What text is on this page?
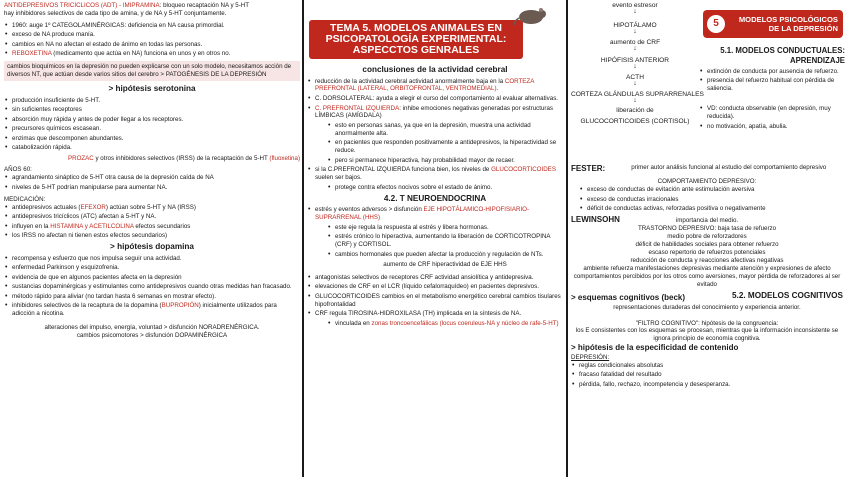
ANTIDEPRESIVOS TRICÍCLICOS (ADT) - IMIPRAMINA: bloqueo recaptación NA y 5-HT
hay inhibidores selectivos de cada tipo de amina, y de NA y 5-HT conjuntamente.
• 1960: auge 1º CATEGOLAMINÉRGICAS: deficiencia en NA causa primordial.
• exceso de NA produce manía.
• cambios en NA no afectan el estado de ánimo en todas las personas.
• REBOXETINA (medicamento que actúa en NA) funciona en unos y en otros no.
cambios bioquímicos en la depresión no pueden explicarse con un solo modelo, necesitamos acción de diversos NT, que actúan desde varios sitios del cerebro > PATOGÉNESIS DE LA DEPRESIÓN
> hipótesis serotonina
• producción insuficiente de 5-HT.
• sin suficientes receptores
• absorción muy rápida y antes de poder llegar a los receptores.
• precursores químicos escasean.
• enzimas que descomponen abundantes.
• catabolización rápida.
PROZAC y otros inhibidores selectivos (IRSS) de la recaptación de 5-HT (fluoxetina)
AÑOS 60:
• agrandamiento sináptico de 5-HT otra causa de la depresión caída de NA
• niveles de 5-HT podrían manipularse para aumentar NA.
MEDICACIÓN:
• antidepresivos actuales (EFEXOR) actúan sobre 5-HT y NA (IRSS)
• antidepresivos tricíclicos (ATC) afectan a 5-HT y NA.
• influyen en la HISTAMINA y ACETILCOLINA efectos secundarios
• los IRSS no afectan ni tienen estos efectos secundarios)
> hipótesis dopamina
• recompensa y esfuerzo que nos impulsa seguir una actividad.
• enfermedad Parkinson y esquizofrenia.
• evidencia de que en algunos pacientes afecta en la depresión
• sustancias dopaminérgicas y estimulantes como antidepresivos cuando otras medidas han fracasado.
• método rápido para aliviar (no tardan hasta 6 semanas en mostrar efecto).
• inhibidores selectivos de la recaptura de la dopamina (BUPROPIÓN) inicialmente utilizados para adicción a nicotina.
alteraciones del impulso, energía, voluntad > disfunción NORADRENÉRGICA.
cambios psicomotores > disfunción DOPAMINÉRGICA
TEMA 5. MODELOS ANIMALES EN PSICOPATOLOGÍA EXPERIMENTAL: ASPECCTOS GENRALES
conclusiones de la actividad cerebral
• reducción de la actividad cerebral actividad anormalmente baja en la CORTEZA PREFRONTAL (LATERAL, ORBITOFRONTAL, VENTROMEDIAL).
• C. DORSOLATERAL: ayuda a elegir el curso del comportamiento al evaluar alternativas.
• C. PREFRONTAL IZQUIERDA: inhibe emociones negativas generadas por estructuras LÍMBICAS (AMÍGDALA)
• esto en personas sanas, ya que en la depresión, muestra una actividad anormalmente alta.
• en pacientes que responden positivamente a antidepresivos, la hiperactividad se reduce.
• pero si permanece hiperactiva, hay probabilidad mayor de recaer.
• si la C.PREFRONTAL IZQUIERDA funciona bien, los niveles de GLUCOCORTICOIDES suelen ser bajos.
• protege contra efectos nocivos sobre el estado de ánimo.
4.2. T NEUROENDOCRINA
• estrés y eventos adversos > disfunción EJE HIPOTÁLAMICO-HIPOFISIARIO-SUPRARRENAL (HHS)
• este eje regula la respuesta al estrés y libera hormonas.
• estrés crónico lo hiperactiva, aumentando la liberación de CORTICOTROPINA (CRF) y CORTISOL.
• cambios hormonales que pueden afectar la producción y regulación de NTs.
aumento de CRF hiperactividad de EJE HHS
• antagonistas selectivos de receptores CRF actividad ansiolítica y antidepresiva.
• elevaciones de CRF en el LCR (líquido cefalorraquídeo) en pacientes depresivos.
• GLUCOCORTICOIDES cambios en el metabolismo energético cerebral cambios tisulares hipofrontalidad
• CRF regula TIROSINA-HIDROXILASA (TH) implicada en la síntesis de NA.
• vinculada en zonas troncoencefálicas (locus coeruleus-NA y núcleo de rafe-5-HT)
evento estresor
↓
HIPOTÁLAMO
↓
aumento de CRF
↓
HIPÓFISIS ANTERIOR
↓
ACTH
↓
CORTEZA GLÁNDULAS SUPRARRENALES
↓
liberación de
GLUCOCORTICOIDES (CORTISOL)
5	MODELOS PSICOLÓGICOS DE LA DEPRESIÓN
5.1. MODELOS CONDUCTUALES: APRENDIZAJE
• extinción de conducta por ausencia de refuerzo.
• presencia del refuerzo habitual con pérdida de saliencia.
• VD: conducta observable (en depresión, muy reducida).
• no motivación, apatía, abulia.
FESTER:	primer autor análisis funcional al estudio del comportamiento depresivo
COMPORTAMIENTO DEPRESIVO:
• exceso de conductas de evitación ante estimulación aversiva
• exceso de conductas irracionales
• déficit de conductas activas, reforzadas positiva o negativamente
LEWINSOHN	importancia del medio.
TRASTORNO DEPRESIVO: baja tasa de refuerzo
medio pobre de reforzadores
déficit de habilidades sociales para obtener refuerzo
escaso repertorio de refuerzos potenciales
reducción de conducta y reacciones afectivas negativas
ambiente refuerza manifestaciones depresivas mediante atención y expresiones de afecto
comportamientos percibidos por los otros como aversiones, mayor pérdida de reforzadores al ser evitado
5.2. MODELOS COGNITIVOS
> esquemas cognitivos (beck)
representaciones duraderas del conocimiento y experiencia anterior.
"FILTRO COGNITIVO": hipótesis de la congruencia:
los E consistentes con los esquemas se procesan, mientras que la información inconsistente se ignora principio de economía cognitiva.
> hipótesis de la especificidad de contenido
DEPRESIÓN:
• reglas condicionales absolutas
• fracaso fatalidad del resultado
• pérdida, fallo, rechazo, incompetencia y desesperanza.
